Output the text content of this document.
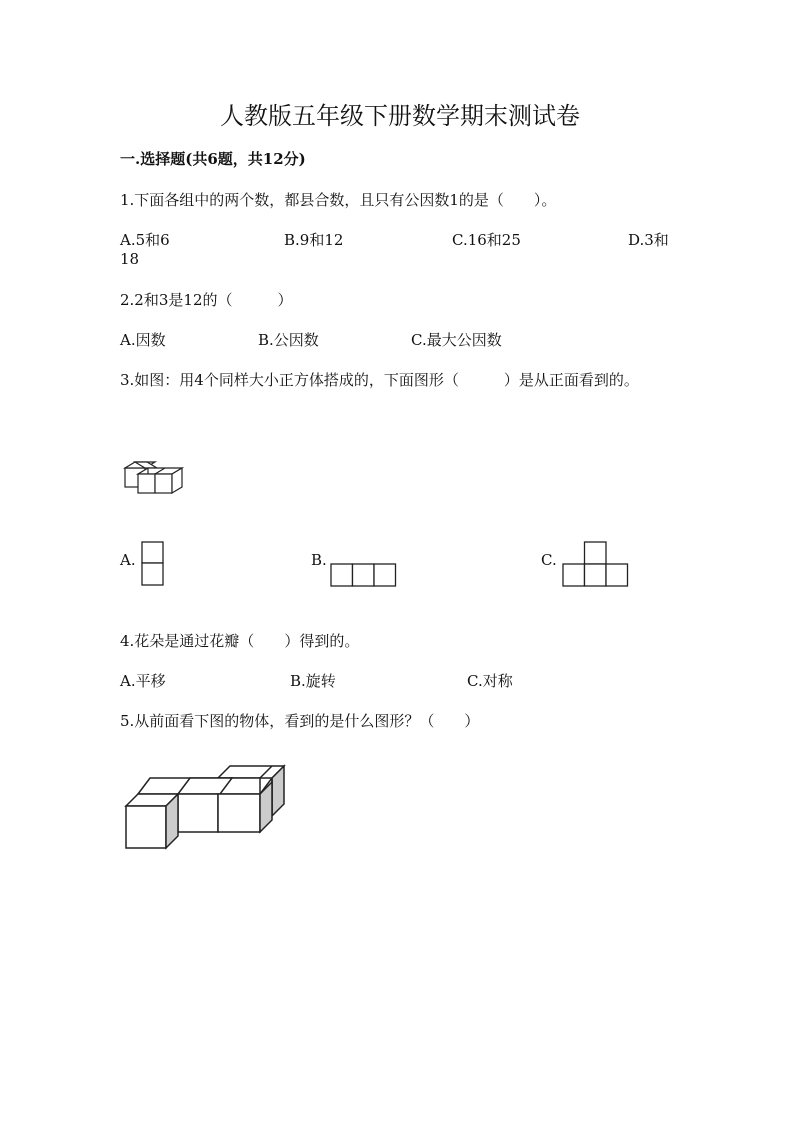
人教版五年级下册数学期末测试卷
一.选择题(共6题，共12分)
1.下面各组中的两个数，都县合数，且只有公因数1的是（　　）。
A.5和6	B.9和12	C.16和25	D.3和
18
2.2和3是12的（　　　）
A.因数	B.公因数	C.最大公因数
3.如图：用4个同样大小正方体搭成的，下面图形（　　　）是从正面看到的。
A.	B.	C.
4.花朵是通过花瓣（　　）得到的。
A.平移	B.旋转	C.对称
5.从前面看下图的物体，看到的是什么图形？（　　）
